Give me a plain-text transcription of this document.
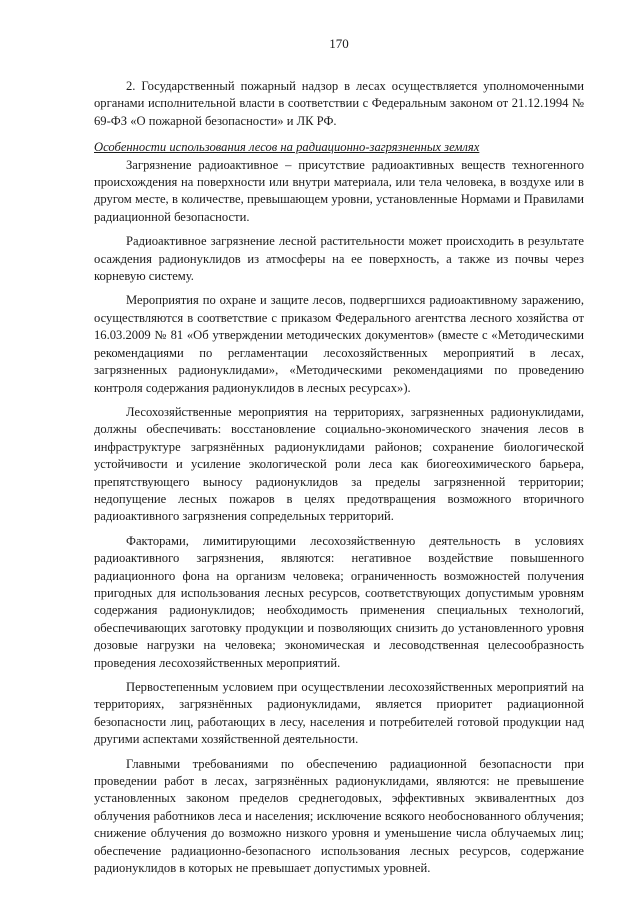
170

2. Государственный пожарный надзор в лесах осуществляется уполномоченными органами исполнительной власти в соответствии с Федеральным законом от 21.12.1994 № 69-ФЗ «О пожарной безопасности» и ЛК РФ.

Особенности использования лесов на радиационно-загрязненных землях

Загрязнение радиоактивное – присутствие радиоактивных веществ техногенного происхождения на поверхности или внутри материала, или тела человека, в воздухе или в другом месте, в количестве, превышающем уровни, установленные Нормами и Правилами радиационной безопасности.

Радиоактивное загрязнение лесной растительности может происходить в результате осаждения радионуклидов из атмосферы на ее поверхность, а также из почвы через корневую систему.

Мероприятия по охране и защите лесов, подвергшихся радиоактивному заражению, осуществляются в соответствие с приказом Федерального агентства лесного хозяйства от 16.03.2009 № 81 «Об утверждении методических документов» (вместе с «Методическими рекомендациями по регламентации лесохозяйственных мероприятий в лесах, загрязненных радионуклидами», «Методическими рекомендациями по проведению контроля содержания радионуклидов в лесных ресурсах»).

Лесохозяйственные мероприятия на территориях, загрязненных радионуклидами, должны обеспечивать: восстановление социально-экономического значения лесов в инфраструктуре загрязнённых радионуклидами районов; сохранение биологической устойчивости и усиление экологической роли леса как биогеохимического барьера, препятствующего выносу радионуклидов за пределы загрязненной территории; недопущение лесных пожаров в целях предотвращения возможного вторичного радиоактивного загрязнения сопредельных территорий.

Факторами, лимитирующими лесохозяйственную деятельность в условиях радиоактивного загрязнения, являются: негативное воздействие повышенного радиационного фона на организм человека; ограниченность возможностей получения пригодных для использования лесных ресурсов, соответствующих допустимым уровням содержания радионуклидов; необходимость применения специальных технологий, обеспечивающих заготовку продукции и позволяющих снизить до установленного уровня дозовые нагрузки на человека; экономическая и лесоводственная целесообразность проведения лесохозяйственных мероприятий.

Первостепенным условием при осуществлении лесохозяйственных мероприятий на территориях, загрязнённых радионуклидами, является приоритет радиационной безопасности лиц, работающих в лесу, населения и потребителей готовой продукции над другими аспектами хозяйственной деятельности.

Главными требованиями по обеспечению радиационной безопасности при проведении работ в лесах, загрязнённых радионуклидами, являются: не превышение установленных законом пределов среднегодовых, эффективных эквивалентных доз облучения работников леса и населения; исключение всякого необоснованного облучения; снижение облучения до возможно низкого уровня и уменьшение числа облучаемых лиц; обеспечение радиационно-безопасного использования лесных ресурсов, содержание радионуклидов в которых не превышает допустимых уровней.
